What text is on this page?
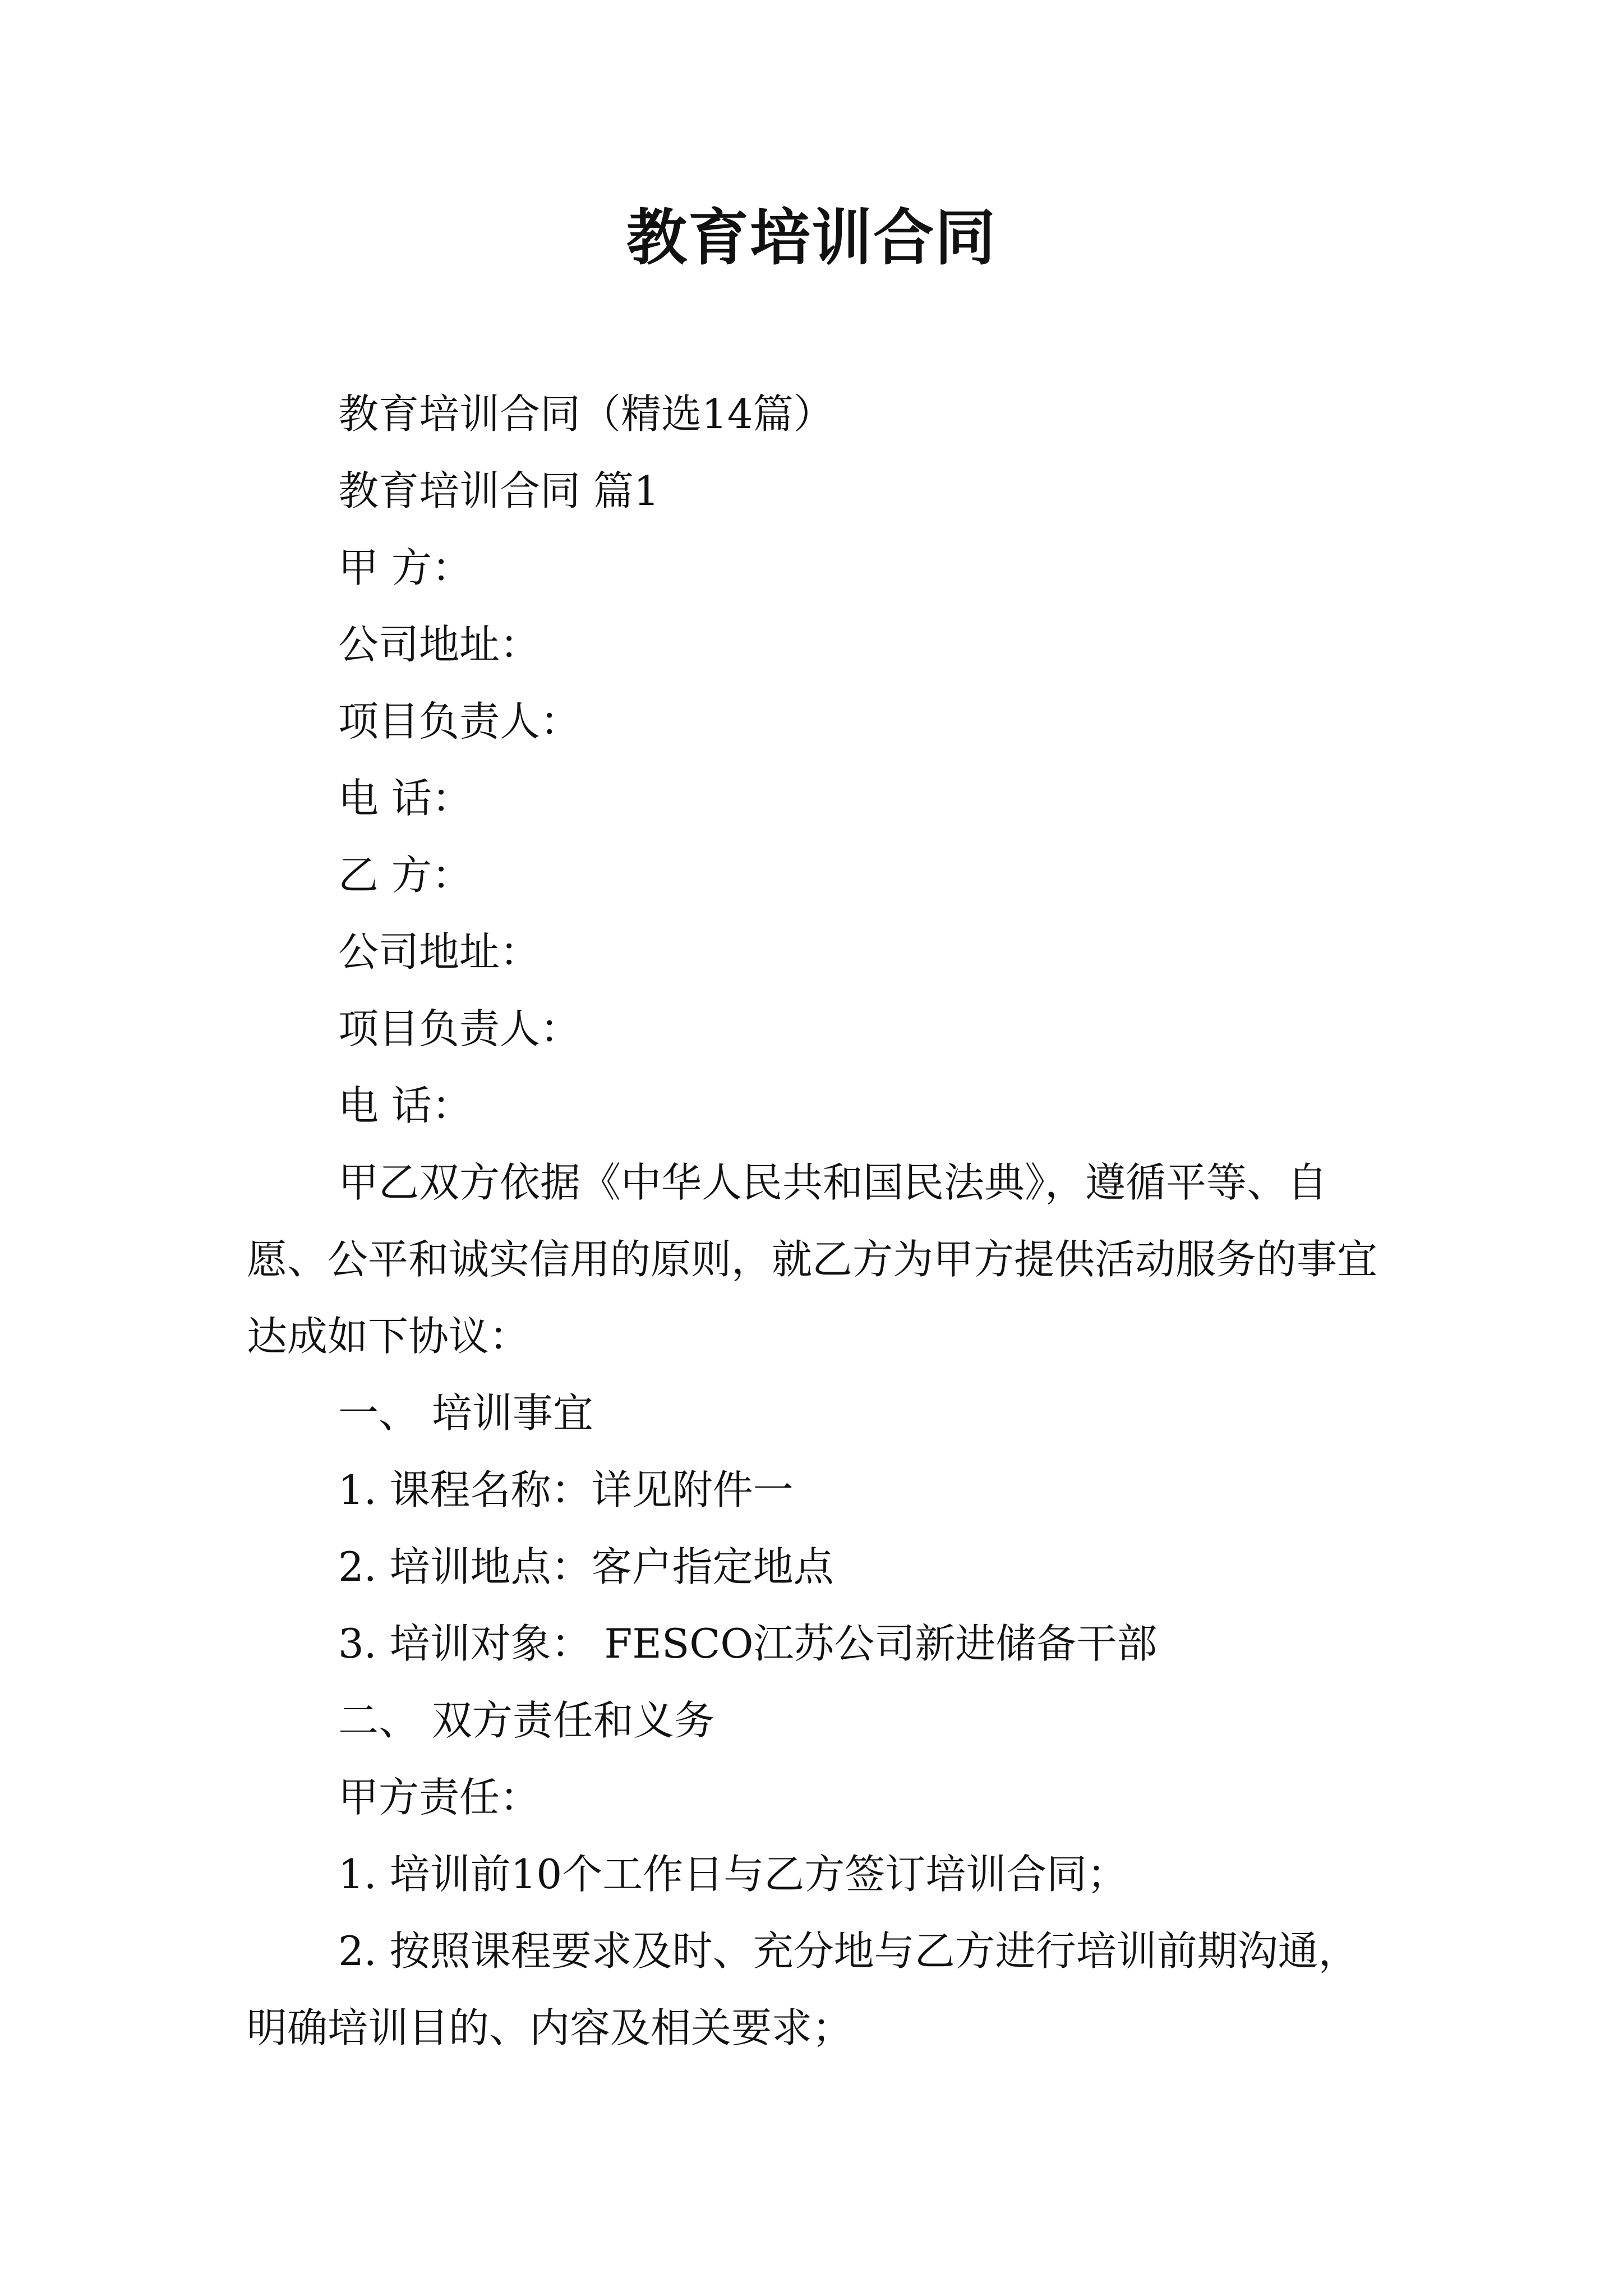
教育培训合同

教育培训合同（精选14篇）

教育培训合同 篇1

甲 方：

公司地址：

项目负责人：

电 话：

乙 方：

公司地址：

项目负责人：

电 话：

甲乙双方依据《中华人民共和国民法典》，遵循平等、自愿、公平和诚实信用的原则，就乙方为甲方提供活动服务的事宜达成如下协议：

一、 培训事宜

1. 课程名称：详见附件一

2. 培训地点：客户指定地点

3. 培训对象： FESCO江苏公司新进储备干部

二、 双方责任和义务

甲方责任：

1. 培训前10个工作日与乙方签订培训合同；

2. 按照课程要求及时、充分地与乙方进行培训前期沟通，明确培训目的、内容及相关要求；
